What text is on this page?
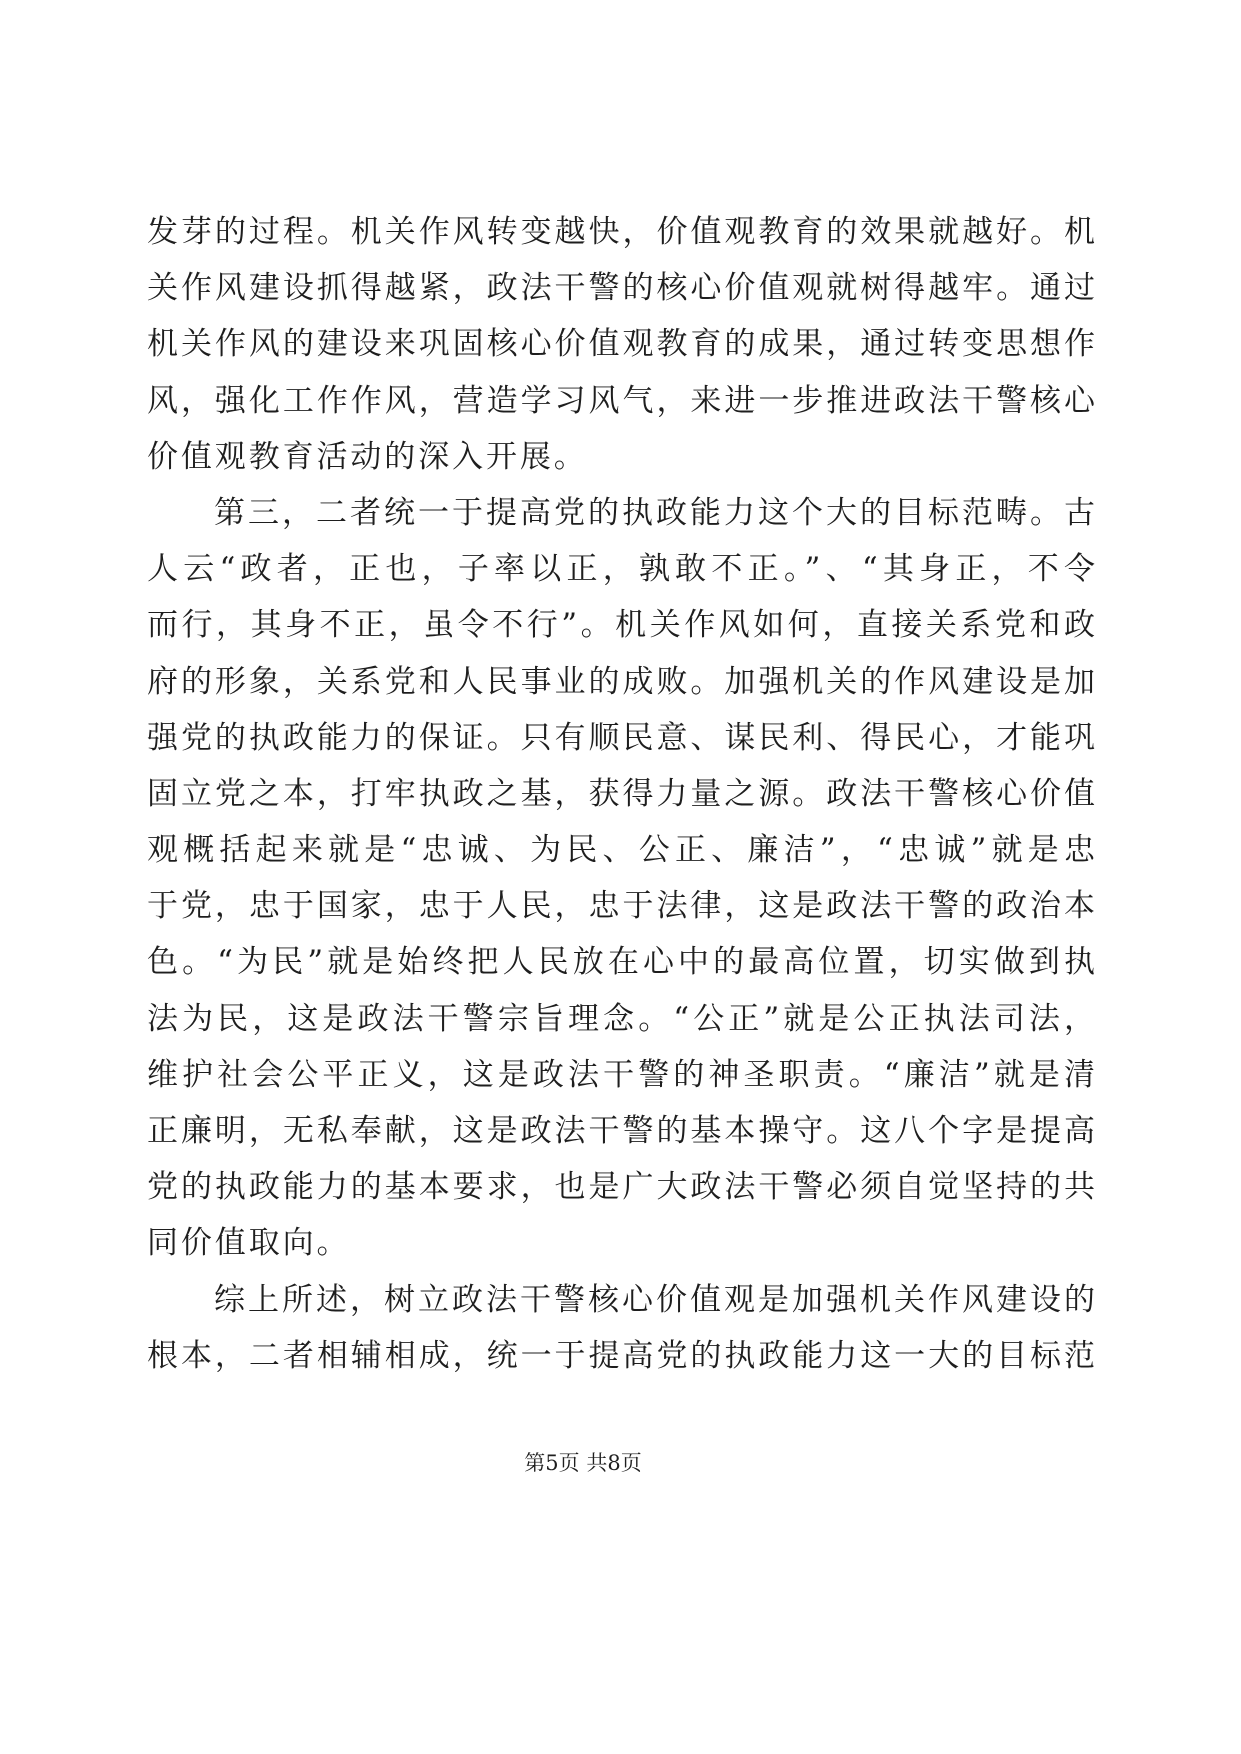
发芽的过程。机关作风转变越快，价值观教育的效果就越好。机
关作风建设抓得越紧，政法干警的核心价值观就树得越牢。通过
机关作风的建设来巩固核心价值观教育的成果，通过转变思想作
风，强化工作作风，营造学习风气，来进一步推进政法干警核心
价值观教育活动的深入开展。
第三，二者统一于提高党的执政能力这个大的目标范畴。古
人云“政者，正也，子率以正，孰敢不正。”、“其身正，不令
而行，其身不正，虽令不行”。机关作风如何，直接关系党和政
府的形象，关系党和人民事业的成败。加强机关的作风建设是加
强党的执政能力的保证。只有顺民意、谋民利、得民心，才能巩
固立党之本，打牢执政之基，获得力量之源。政法干警核心价值
观概括起来就是“忠诚、为民、公正、廉洁”，“忠诚”就是忠
于党，忠于国家，忠于人民，忠于法律，这是政法干警的政治本
色。“为民”就是始终把人民放在心中的最高位置，切实做到执
法为民，这是政法干警宗旨理念。“公正”就是公正执法司法，
维护社会公平正义，这是政法干警的神圣职责。“廉洁”就是清
正廉明，无私奉献，这是政法干警的基本操守。这八个字是提高
党的执政能力的基本要求，也是广大政法干警必须自觉坚持的共
同价值取向。
综上所述，树立政法干警核心价值观是加强机关作风建设的
根本，二者相辅相成，统一于提高党的执政能力这一大的目标范
第5页 共8页
